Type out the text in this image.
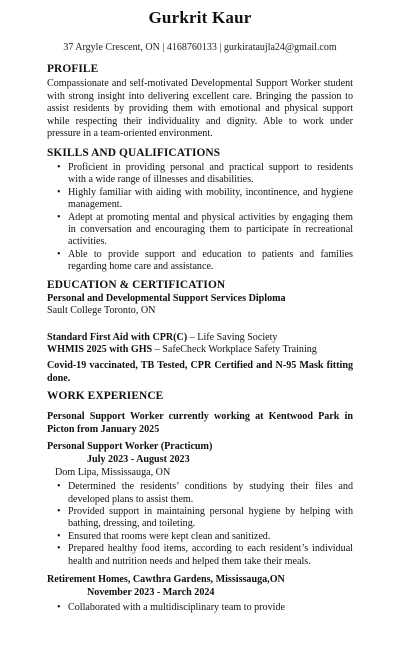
Gurkrit Kaur
37 Argyle Crescent, ON | 4168760133 | gurkirataujla24@gmail.com
PROFILE

Compassionate and self-motivated Developmental Support Worker student with strong insight into delivering excellent care. Bringing the passion to assist residents by providing them with emotional and physical support while respecting their individuality and dignity. Able to work under pressure in a team-oriented environment.

SKILLS AND QUALIFICATIONS
• Proficient in providing personal and practical support to residents with a wide range of illnesses and disabilities.
• Highly familiar with aiding with mobility, incontinence, and hygiene management.
• Adept at promoting mental and physical activities by engaging them in conversation and encouraging them to participate in recreational activities.
• Able to provide support and education to patients and families regarding home care and assistance.
EDUCATION & CERTIFICATION
Personal and Developmental Support Services Diploma
Sault College Toronto, ON
Standard First Aid with CPR(C) – Life Saving Society
WHMIS 2025 with GHS – SafeCheck Workplace Safety Training

Covid-19 vaccinated, TB Tested, CPR Certified and N-95 Mask fitting done.

WORK EXPERIENCE

Personal Support Worker currently working at Kentwood Park in Picton from January 2025

Personal Support Worker (Practicum)
July 2023 - August 2023
Dom Lipa, Mississauga, ON
• Determined the residents’ conditions by studying their files and developed plans to assist them.
• Provided support in maintaining personal hygiene by helping with bathing, dressing, and toileting.
• Ensured that rooms were kept clean and sanitized.
• Prepared healthy food items, according to each resident’s individual health and nutrition needs and helped them take their meals.
Retirement Homes, Cawthra Gardens, Mississauga,ON
November 2023 - March 2024
• Collaborated with a multidisciplinary team to provide
